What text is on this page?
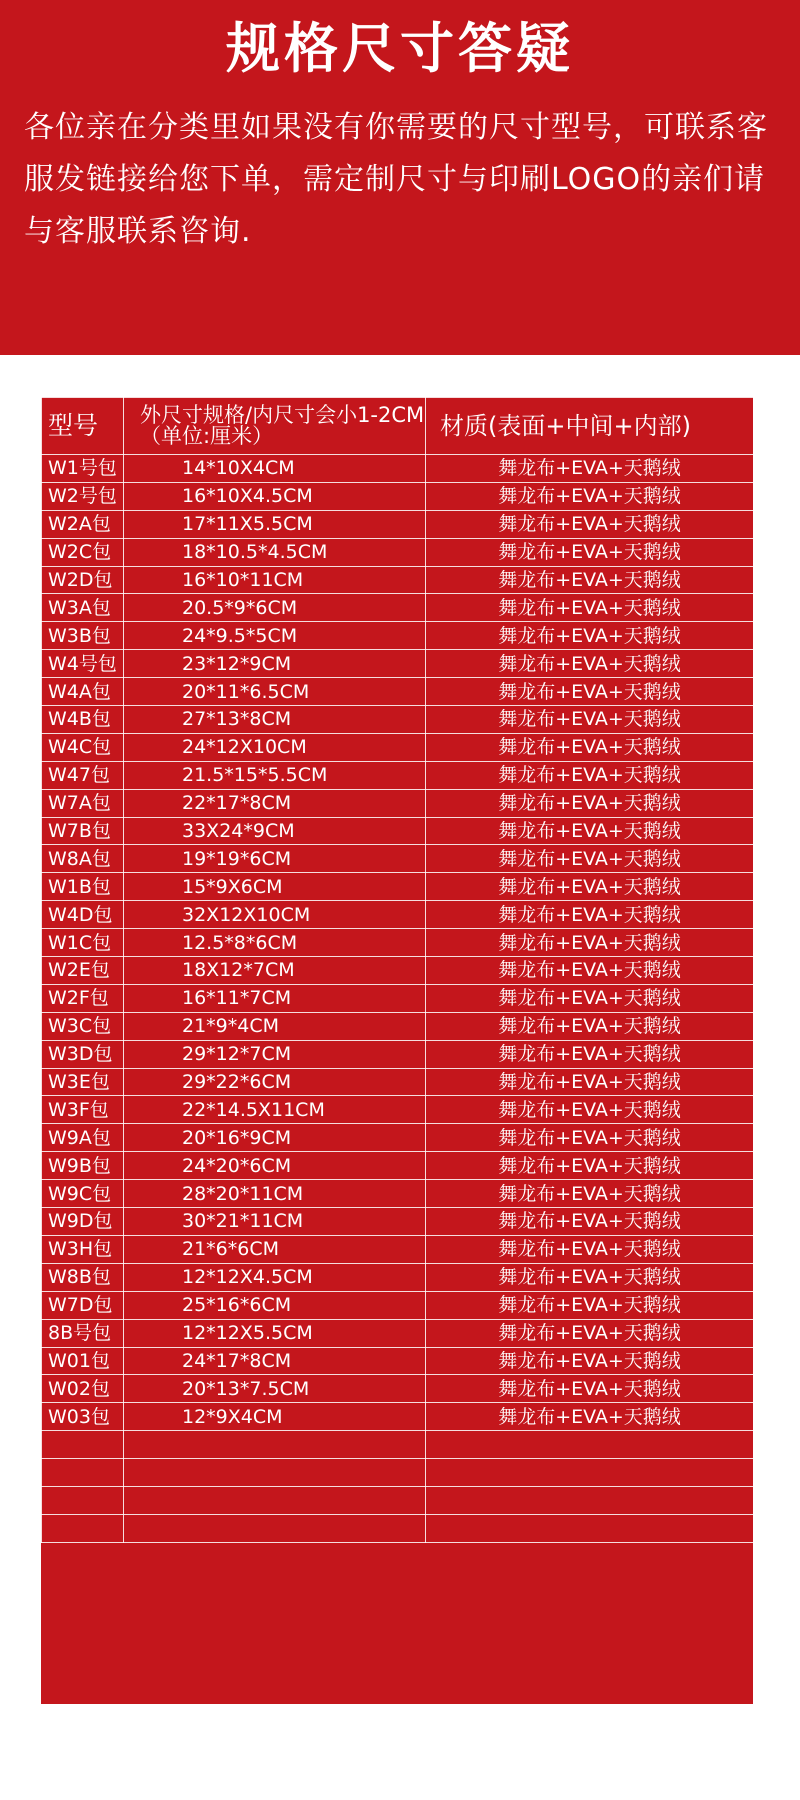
规格尺寸答疑
各位亲在分类里如果没有你需要的尺寸型号，可联系客服发链接给您下单，需定制尺寸与印刷LOGO的亲们请与客服联系咨询.
型号	外尺寸规格/内尺寸会小1-2CM（单位:厘米）	材质(表面+中间+内部)
W1号包	14*10X4CM	舞龙布+EVA+天鹅绒
W2号包	16*10X4.5CM	舞龙布+EVA+天鹅绒
W2A包	17*11X5.5CM	舞龙布+EVA+天鹅绒
W2C包	18*10.5*4.5CM	舞龙布+EVA+天鹅绒
W2D包	16*10*11CM	舞龙布+EVA+天鹅绒
W3A包	20.5*9*6CM	舞龙布+EVA+天鹅绒
W3B包	24*9.5*5CM	舞龙布+EVA+天鹅绒
W4号包	23*12*9CM	舞龙布+EVA+天鹅绒
W4A包	20*11*6.5CM	舞龙布+EVA+天鹅绒
W4B包	27*13*8CM	舞龙布+EVA+天鹅绒
W4C包	24*12X10CM	舞龙布+EVA+天鹅绒
W47包	21.5*15*5.5CM	舞龙布+EVA+天鹅绒
W7A包	22*17*8CM	舞龙布+EVA+天鹅绒
W7B包	33X24*9CM	舞龙布+EVA+天鹅绒
W8A包	19*19*6CM	舞龙布+EVA+天鹅绒
W1B包	15*9X6CM	舞龙布+EVA+天鹅绒
W4D包	32X12X10CM	舞龙布+EVA+天鹅绒
W1C包	12.5*8*6CM	舞龙布+EVA+天鹅绒
W2E包	18X12*7CM	舞龙布+EVA+天鹅绒
W2F包	16*11*7CM	舞龙布+EVA+天鹅绒
W3C包	21*9*4CM	舞龙布+EVA+天鹅绒
W3D包	29*12*7CM	舞龙布+EVA+天鹅绒
W3E包	29*22*6CM	舞龙布+EVA+天鹅绒
W3F包	22*14.5X11CM	舞龙布+EVA+天鹅绒
W9A包	20*16*9CM	舞龙布+EVA+天鹅绒
W9B包	24*20*6CM	舞龙布+EVA+天鹅绒
W9C包	28*20*11CM	舞龙布+EVA+天鹅绒
W9D包	30*21*11CM	舞龙布+EVA+天鹅绒
W3H包	21*6*6CM	舞龙布+EVA+天鹅绒
W8B包	12*12X4.5CM	舞龙布+EVA+天鹅绒
W7D包	25*16*6CM	舞龙布+EVA+天鹅绒
8B号包	12*12X5.5CM	舞龙布+EVA+天鹅绒
W01包	24*17*8CM	舞龙布+EVA+天鹅绒
W02包	20*13*7.5CM	舞龙布+EVA+天鹅绒
W03包	12*9X4CM	舞龙布+EVA+天鹅绒
